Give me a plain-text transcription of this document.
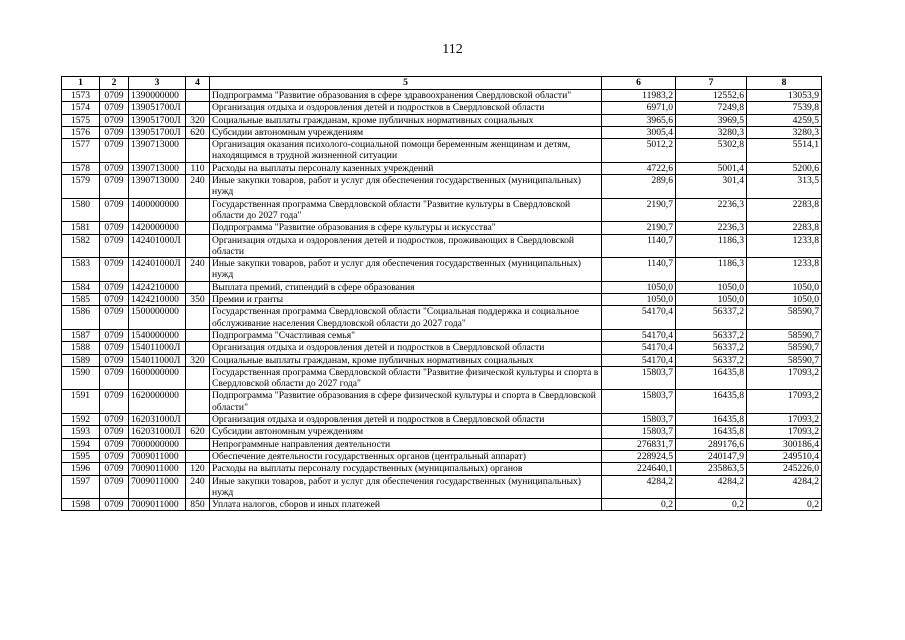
112
1	2	3	4	5	6	7	8
1573	0709	1390000000		Подпрограмма "Развитие образования в сфере здравоохранения Свердловской области"	11983,2	12552,6	13053,9
1574	0709	139051700Л		Организация отдыха и оздоровления детей и подростков в Свердловской области	6971,0	7249,8	7539,8
1575	0709	139051700Л	320	Социальные выплаты гражданам, кроме публичных нормативных социальных	3965,6	3969,5	4259,5
1576	0709	139051700Л	620	Субсидии автономным учреждениям	3005,4	3280,3	3280,3
1577	0709	1390713000		Организация оказания психолого-социальной помощи беременным женщинам и детям, находящимся в трудной жизненной ситуации	5012,2	5302,8	5514,1
1578	0709	1390713000	110	Расходы на выплаты персоналу казенных учреждений	4722,6	5001,4	5200,6
1579	0709	1390713000	240	Иные закупки товаров, работ и услуг для обеспечения государственных (муниципальных) нужд	289,6	301,4	313,5
1580	0709	1400000000		Государственная программа Свердловской области "Развитие культуры в Свердловской области до 2027 года"	2190,7	2236,3	2283,8
1581	0709	1420000000		Подпрограмма "Развитие образования в сфере культуры и искусства"	2190,7	2236,3	2283,8
1582	0709	142401000Л		Организация отдыха и оздоровления детей и подростков, проживающих в Свердловской области	1140,7	1186,3	1233,8
1583	0709	142401000Л	240	Иные закупки товаров, работ и услуг для обеспечения государственных (муниципальных) нужд	1140,7	1186,3	1233,8
1584	0709	1424210000		Выплата премий, стипендий в сфере образования	1050,0	1050,0	1050,0
1585	0709	1424210000	350	Премии и гранты	1050,0	1050,0	1050,0
1586	0709	1500000000		Государственная программа Свердловской области "Социальная поддержка и социальное обслуживание населения Свердловской области до 2027 года"	54170,4	56337,2	58590,7
1587	0709	1540000000		Подпрограмма "Счастливая семья"	54170,4	56337,2	58590,7
1588	0709	154011000Л		Организация отдыха и оздоровления детей и подростков в Свердловской области	54170,4	56337,2	58590,7
1589	0709	154011000Л	320	Социальные выплаты гражданам, кроме публичных нормативных социальных	54170,4	56337,2	58590,7
1590	0709	1600000000		Государственная программа Свердловской области "Развитие физической культуры и спорта в Свердловской области до 2027 года"	15803,7	16435,8	17093,2
1591	0709	1620000000		Подпрограмма "Развитие образования в сфере физической культуры и спорта в Свердловской области"	15803,7	16435,8	17093,2
1592	0709	162031000Л		Организация отдыха и оздоровления детей и подростков в Свердловской области	15803,7	16435,8	17093,2
1593	0709	162031000Л	620	Субсидии автономным учреждениям	15803,7	16435,8	17093,2
1594	0709	7000000000		Непрограммные направления деятельности	276831,7	289176,6	300186,4
1595	0709	7009011000		Обеспечение деятельности государственных органов (центральный аппарат)	228924,5	240147,9	249510,4
1596	0709	7009011000	120	Расходы на выплаты персоналу государственных (муниципальных) органов	224640,1	235863,5	245226,0
1597	0709	7009011000	240	Иные закупки товаров, работ и услуг для обеспечения государственных (муниципальных) нужд	4284,2	4284,2	4284,2
1598	0709	7009011000	850	Уплата налогов, сборов и иных платежей	0,2	0,2	0,2
